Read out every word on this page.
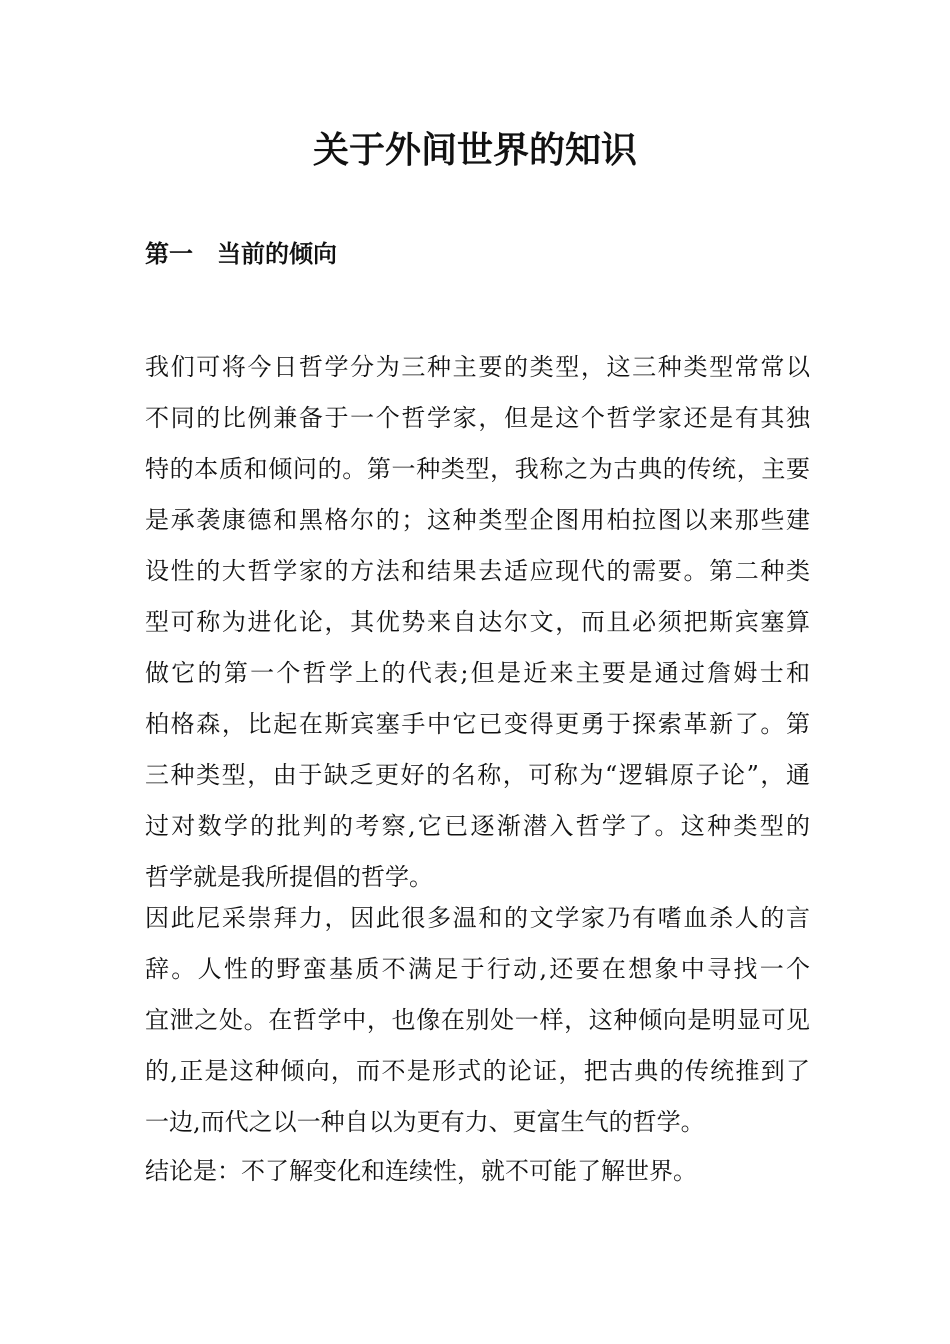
关于外间世界的知识
第一　当前的倾向
我们可将今日哲学分为三种主要的类型，这三种类型常常以
不同的比例兼备于一个哲学家，但是这个哲学家还是有其独
特的本质和倾问的。第一种类型，我称之为古典的传统，主要
是承袭康德和黑格尔的；这种类型企图用柏拉图以来那些建
设性的大哲学家的方法和结果去适应现代的需要。第二种类
型可称为进化论，其优势来自达尔文，而且必须把斯宾塞算
做它的第一个哲学上的代表;但是近来主要是通过詹姆士和
柏格森，比起在斯宾塞手中它已变得更勇于探索革新了。第
三种类型，由于缺乏更好的名称，可称为“逻辑原子论”，通
过对数学的批判的考察,它已逐渐潜入哲学了。这种类型的
哲学就是我所提倡的哲学。
因此尼采崇拜力，因此很多温和的文学家乃有嗜血杀人的言
辞。人性的野蛮基质不满足于行动,还要在想象中寻找一个
宜泄之处。在哲学中，也像在别处一样，这种倾向是明显可见
的,正是这种倾向，而不是形式的论证，把古典的传统推到了
一边,而代之以一种自以为更有力、更富生气的哲学。
结论是：不了解变化和连续性，就不可能了解世界。
